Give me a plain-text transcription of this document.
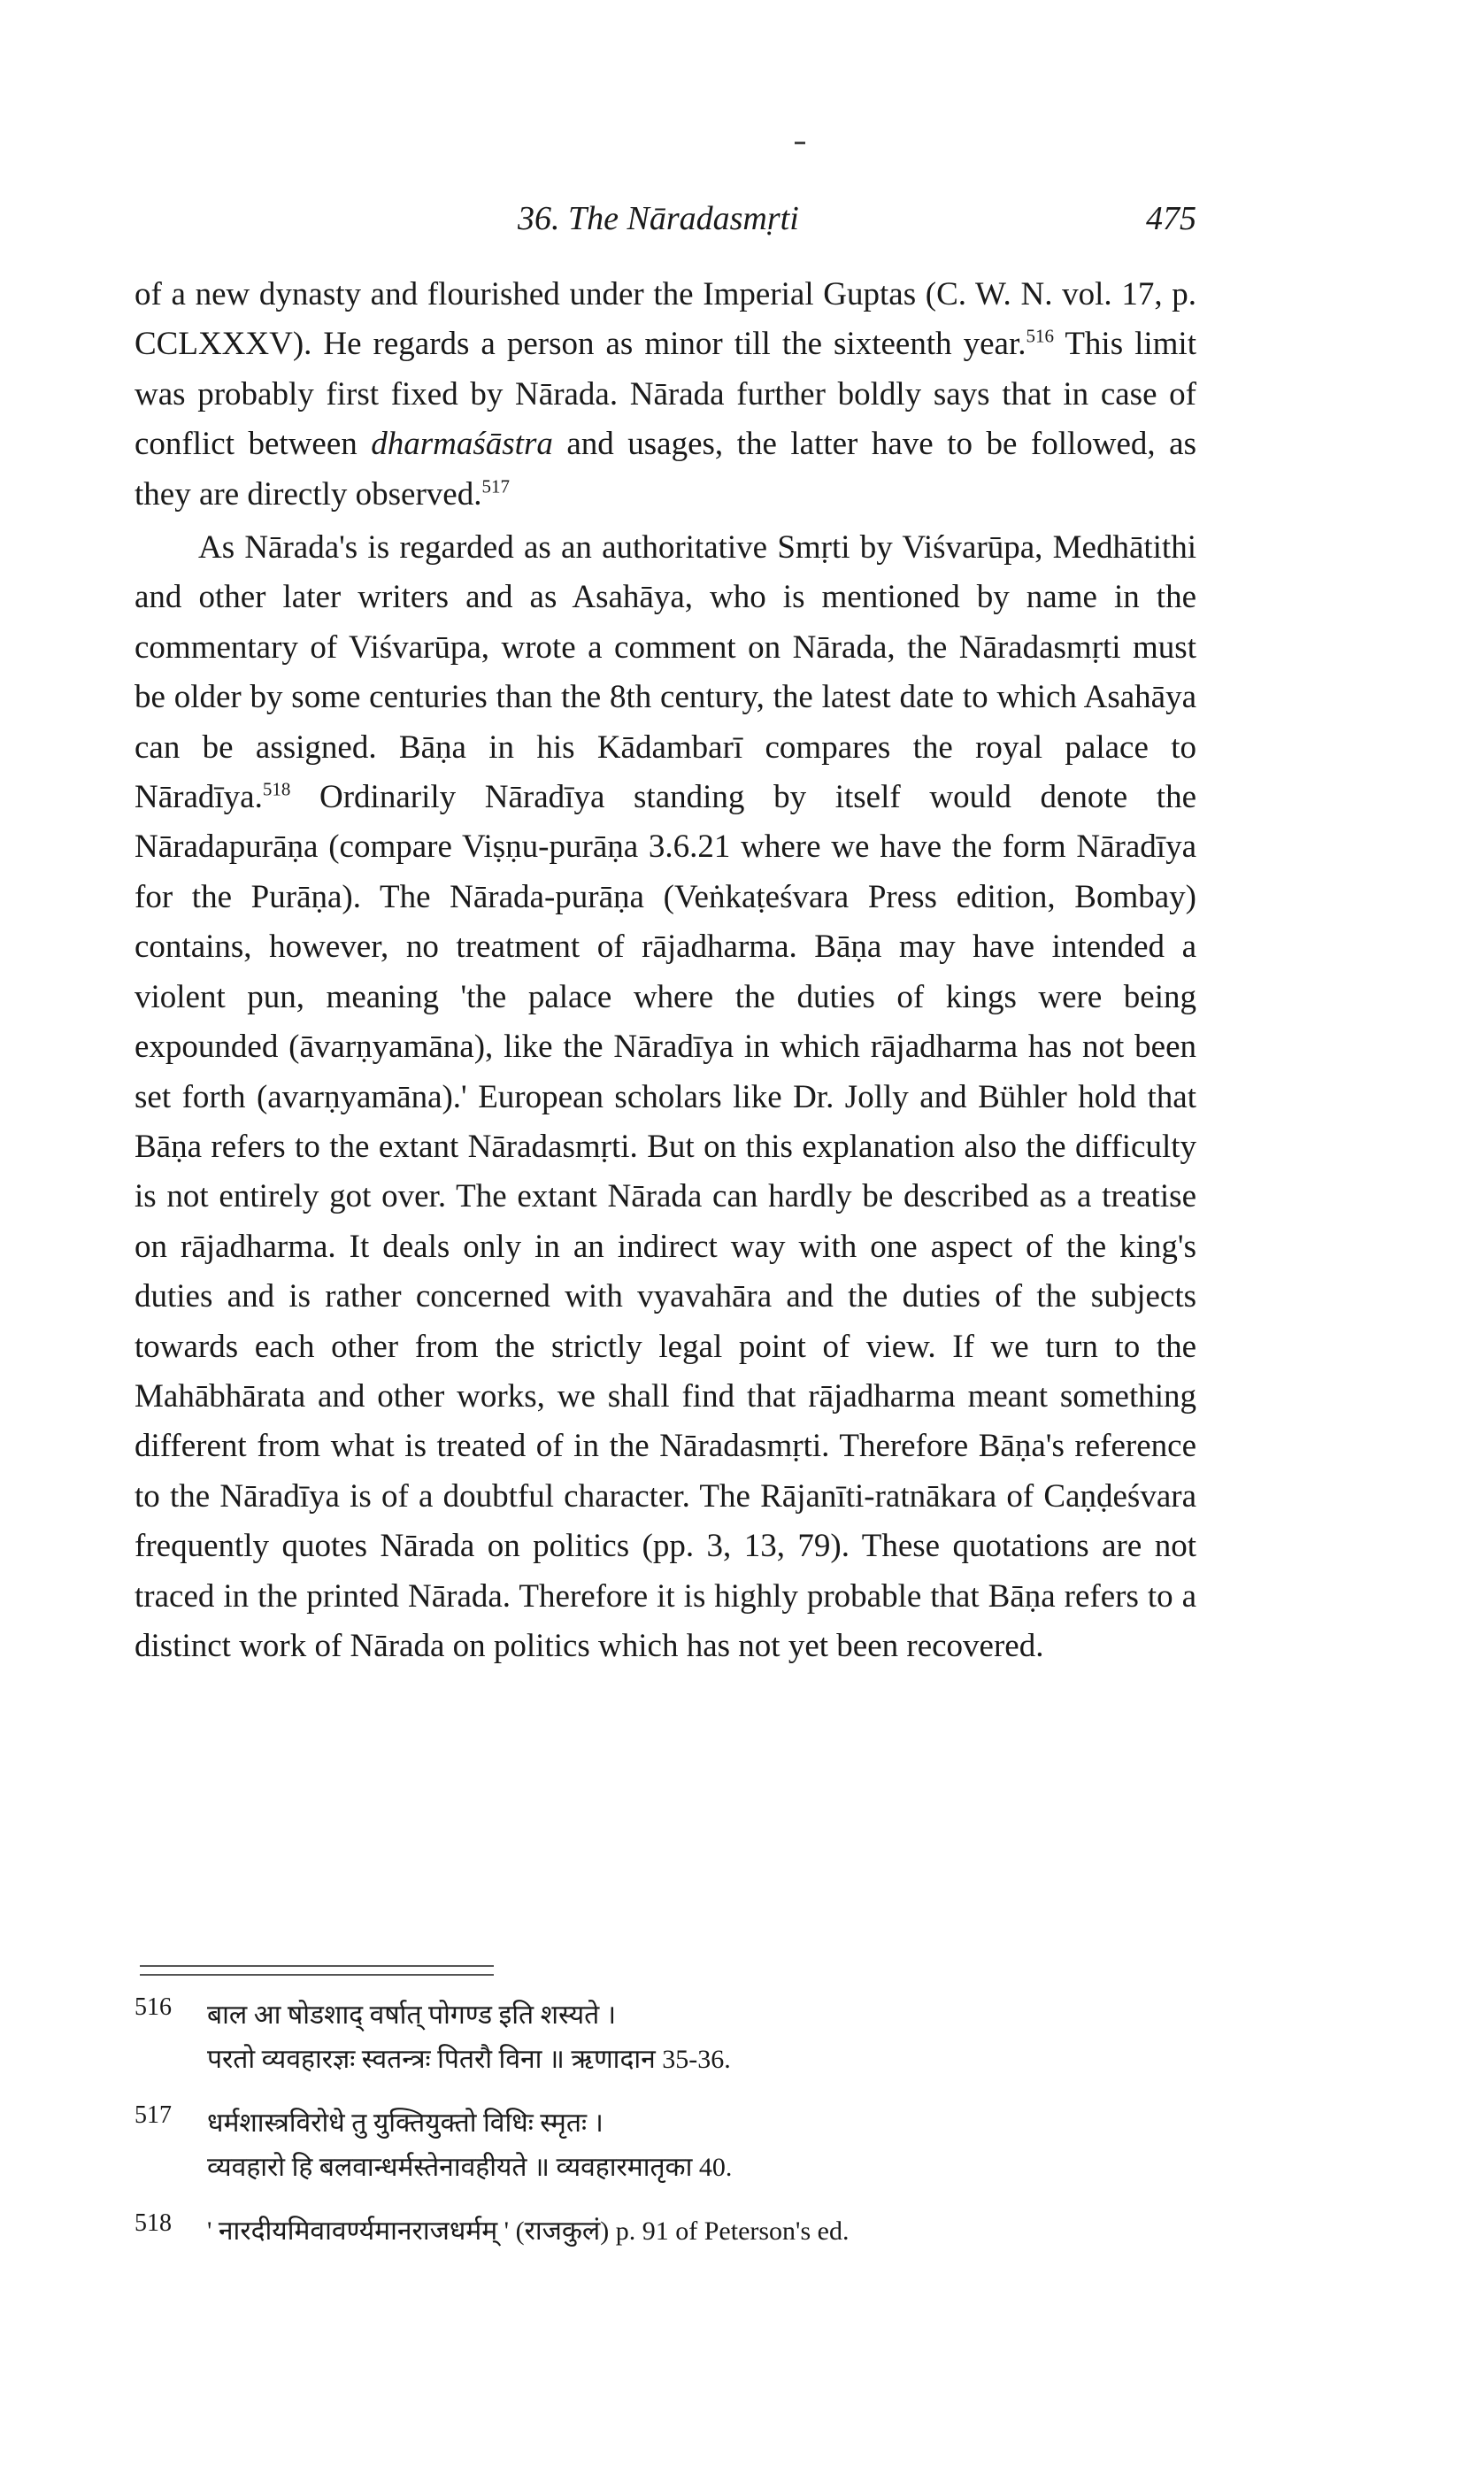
36. The Nāradasmṛti	475

of a new dynasty and flourished under the Imperial Guptas (C. W. N. vol. 17, p. CCLXXXV). He regards a person as minor till the sixteenth year.$^{516}$ This limit was probably first fixed by Nārada. Nārada further boldly says that in case of conflict between dharmaśāstra and usages, the latter have to be followed, as they are directly observed.$^{517}$

As Nārada's is regarded as an authoritative Smṛti by Viśvarūpa, Medhātithi and other later writers and as Asahāya, who is mentioned by name in the commentary of Viśvarūpa, wrote a comment on Nārada, the Nāradasmṛti must be older by some centuries than the 8th century, the latest date to which Asahāya can be assigned. Bāṇa in his Kādambarī compares the royal palace to Nāradīya.$^{518}$ Ordinarily Nāradīya standing by itself would denote the Nāradapurāṇa (compare Viṣṇu-purāṇa 3.6.21 where we have the form Nāradīya for the Purāṇa). The Nārada-purāṇa (Veṅkaṭeśvara Press edition, Bombay) contains, however, no treatment of rājadharma. Bāṇa may have intended a violent pun, meaning 'the palace where the duties of kings were being expounded (āvarṇyamāna), like the Nāradīya in which rājadharma has not been set forth (avarṇyamāna).' European scholars like Dr. Jolly and Bühler hold that Bāṇa refers to the extant Nāradasmṛti. But on this explanation also the difficulty is not entirely got over. The extant Nārada can hardly be described as a treatise on rājadharma. It deals only in an indirect way with one aspect of the king's duties and is rather concerned with vyavahāra and the duties of the subjects towards each other from the strictly legal point of view. If we turn to the Mahābhārata and other works, we shall find that rājadharma meant something different from what is treated of in the Nāradasmṛti. Therefore Bāṇa's reference to the Nāradīya is of a doubtful character. The Rājanīti-ratnākara of Caṇḍeśvara frequently quotes Nārada on politics (pp. 3, 13, 79). These quotations are not traced in the printed Nārada. Therefore it is highly probable that Bāṇa refers to a distinct work of Nārada on politics which has not yet been recovered.

516	बाल आ षोडशाद् वर्षात् पोगण्ड इति शस्यते ।
परतो व्यवहारज्ञः स्वतन्त्रः पितरौ विना ॥ ऋणादान 35-36.
517	धर्मशास्त्रविरोधे तु युक्तियुक्तो विधिः स्मृतः ।
व्यवहारो हि बलवान्धर्मस्तेनावहीयते ॥ व्यवहारमातृका 40.
518	' नारदीयमिवावर्ण्यमानराजधर्मम् ' (राजकुलं) p. 91 of Peterson's ed.
